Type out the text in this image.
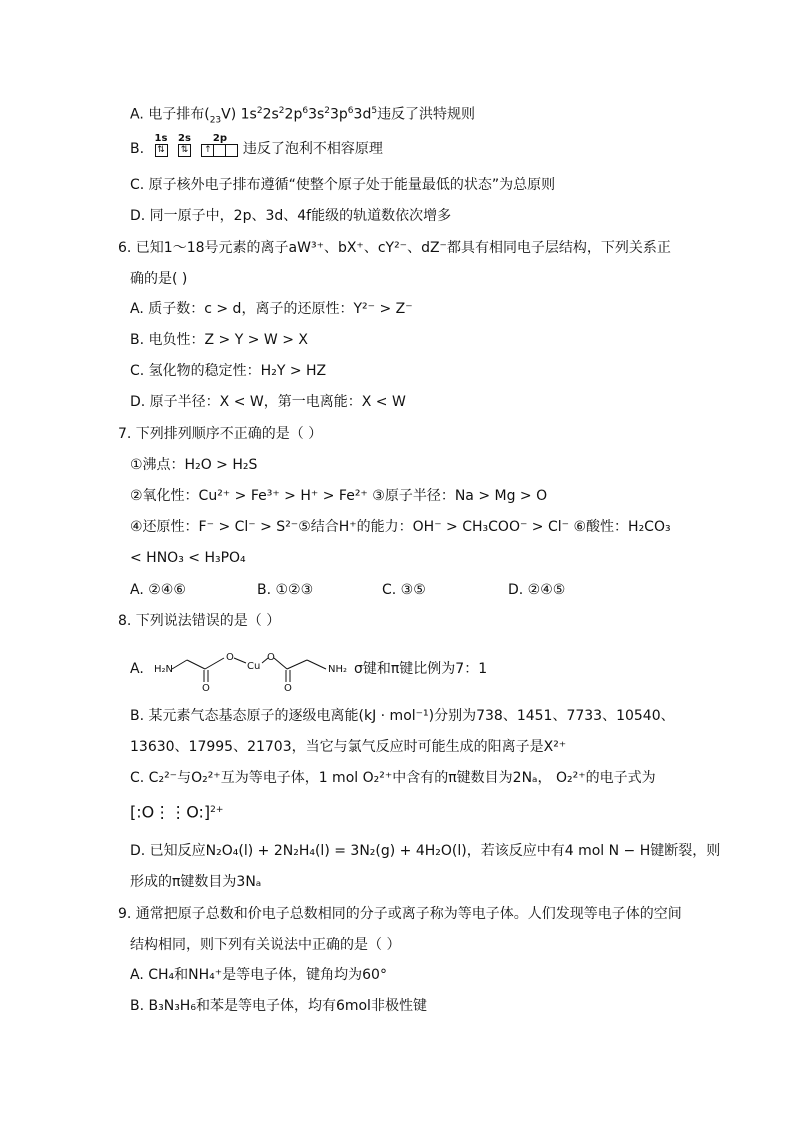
A. 电子排布$(_{23}V)$ $1s^22s^22p^63s^23p^63d^5$违反了洪特规则
B.
1s
⇅
2s
⇅
2p
↑ 违反了泡利不相容原理
C. 原子核外电子排布遵循“使整个原子处于能量最低的状态”为总原则
D. 同一原子中，2p、3d、4f能级的轨道数依次增多
6. 已知1～18号元素的离子aW³⁺、bX⁺、cY²⁻、dZ⁻都具有相同电子层结构，下列关系正
确的是( )
A. 质子数：c > d，离子的还原性：Y²⁻ > Z⁻
B. 电负性：Z > Y > W > X
C. 氢化物的稳定性：H₂Y > HZ
D. 原子半径：X < W，第一电离能：X < W
7. 下列排列顺序不正确的是（ ）
①沸点：H₂O > H₂S
②氧化性：Cu²⁺ > Fe³⁺ > H⁺ > Fe²⁺ ③原子半径：Na > Mg > O
④还原性：F⁻ > Cl⁻ > S²⁻⑤结合H⁺的能力：OH⁻ > CH₃COO⁻ > Cl⁻ ⑥酸性：H₂CO₃
< HNO₃ < H₃PO₄
A. ②④⑥	B. ①②③	C. ③⑤	D. ②④⑤
8. 下列说法错误的是（ ）
A. H₂N
O
Cu
O
NH₂
O	O
σ键和π键比例为7：1
B. 某元素气态基态原子的逐级电离能(kJ · mol⁻¹)分别为738、1451、7733、10540、
13630、17995、21703，当它与氯气反应时可能生成的阳离子是X²⁺
C. C₂²⁻与O₂²⁺互为等电子体，1 mol O₂²⁺中含有的π键数目为2Nₐ， O₂²⁺的电子式为
[:O⋮⋮O:]$^{2+}$
D. 已知反应N₂O₄(l) + 2N₂H₄(l) = 3N₂(g) + 4H₂O(l)，若该反应中有4 mol N − H键断裂，则
形成的π键数目为3Nₐ
9. 通常把原子总数和价电子总数相同的分子或离子称为等电子体。人们发现等电子体的空间
结构相同，则下列有关说法中正确的是（ ）
A. CH₄和NH₄⁺是等电子体，键角均为60°
B. B₃N₃H₆和苯是等电子体，均有6mol非极性键
